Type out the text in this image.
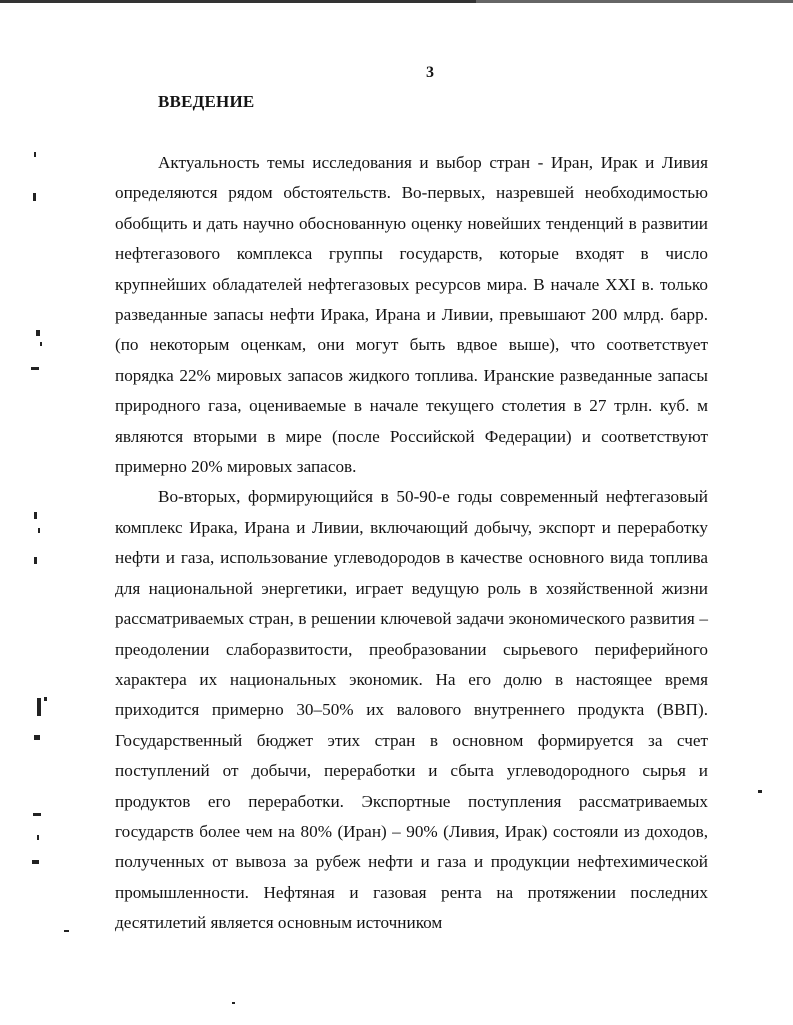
3
ВВЕДЕНИЕ

Актуальность темы исследования и выбор стран - Иран, Ирак и Ливия определяются рядом обстоятельств. Во-первых, назревшей необходимостью обобщить и дать научно обоснованную оценку новейших тенденций в развитии нефтегазового комплекса группы государств, которые входят в число крупнейших обладателей нефтегазовых ресурсов мира. В начале XXI в. только разведанные запасы нефти Ирака, Ирана и Ливии, превышают 200 млрд. барр. (по некоторым оценкам, они могут быть вдвое выше), что соответствует порядка 22% мировых запасов жидкого топлива. Иранские разведанные запасы природного газа, оцениваемые в начале текущего столетия в 27 трлн. куб. м являются вторыми в мире (после Российской Федерации) и соответствуют примерно 20% мировых запасов.

Во-вторых, формирующийся в 50-90-е годы современный нефтегазовый комплекс Ирака, Ирана и Ливии, включающий добычу, экспорт и переработку нефти и газа, использование углеводородов в качестве основного вида топлива для национальной энергетики, играет ведущую роль в хозяйственной жизни рассматриваемых стран, в решении ключевой задачи экономического развития – преодолении слаборазвитости, преобразовании сырьевого периферийного характера их национальных экономик. На его долю в настоящее время приходится примерно 30–50% их валового внутреннего продукта (ВВП). Государственный бюджет этих стран в основном формируется за счет поступлений от добычи, переработки и сбыта углеводородного сырья и продуктов его переработки. Экспортные поступления рассматриваемых государств более чем на 80% (Иран) – 90% (Ливия, Ирак) состояли из доходов, полученных от вывоза за рубеж нефти и газа и продукции нефтехимической промышленности. Нефтяная и газовая рента на протяжении последних десятилетий является основным источником
